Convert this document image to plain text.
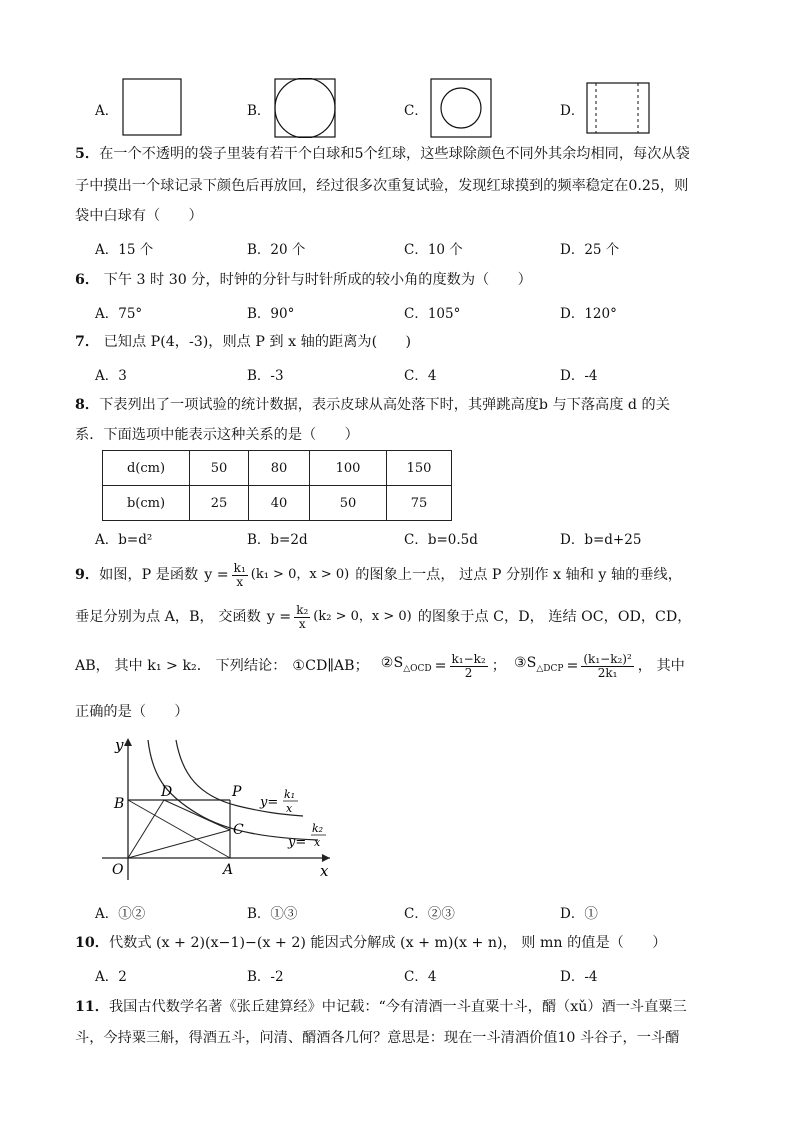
A．	B．	C．	D．
5．在一个不透明的袋子里装有若干个白球和5个红球，这些球除颜色不同外其余均相同，每次从袋
子中摸出一个球记录下颜色后再放回，经过很多次重复试验，发现红球摸到的频率稳定在0.25，则
袋中白球有（　　）
A．15 个	B．20 个	C．10 个	D．25 个
6． 下午 3 时 30 分，时钟的分针与时针所成的较小角的度数为（　　）
A．75°	B．90°	C．105°	D．120°
7． 已知点 P(4，-3)，则点 P 到 x 轴的距离为(　　)
A．3	B．-3	C．4	D．-4
8．下表列出了一项试验的统计数据，表示皮球从高处落下时，其弹跳高度b 与下落高度 d 的关
系．下面选项中能表示这种关系的是（　　）
d(cm)	50	80	100	150
b(cm)	25	40	50	75
A．b=d²	B．b=2d	C．b=0.5d	D．b=d+25
9． 如图，P 是函数 $y = \frac{\text{k₁}}{x} (k_1 > 0$，x > 0) 的图象上一点， 过点 P 分别作 x 轴和 y 轴的垂线，
垂足分别为点 A，B， 交函数 $y = \frac{\text{k₂}}{x} (k_2 > 0$，x > 0) 的图象于点 C，D， 连结 OC，OD，CD，
AB， 其中 k ₁ > k₂ ． 下列结论： ①CD∥AB； $②S_{\triangle OCD} = \frac{\text{k₁−k₂}}{2}$ ； $③S_{\triangle DCP} = \frac{\text{(k₁−k₂)²}}{\text{2k₁}}$ ， 其中
正确的是（　　）
y
x
O	A
B
C
D	P
y=
k₁
x
y=
k₂
x
A．①②	B．①③	C．②③	D．①
10．代数式 (x + 2)(x−1)−(x + 2) 能因式分解成 (x + m)(x + n)， 则 mn 的值是（　　）
A．2	B．-2	C．4	D．-4
11．我国古代数学名著《张丘建算经》中记载：“今有清酒一斗直粟十斗，醑（xǔ）酒一斗直粟三
斗，今持粟三斛，得酒五斗，问清、醑酒各几何？意思是：现在一斗清酒价值10 斗谷子，一斗醑
